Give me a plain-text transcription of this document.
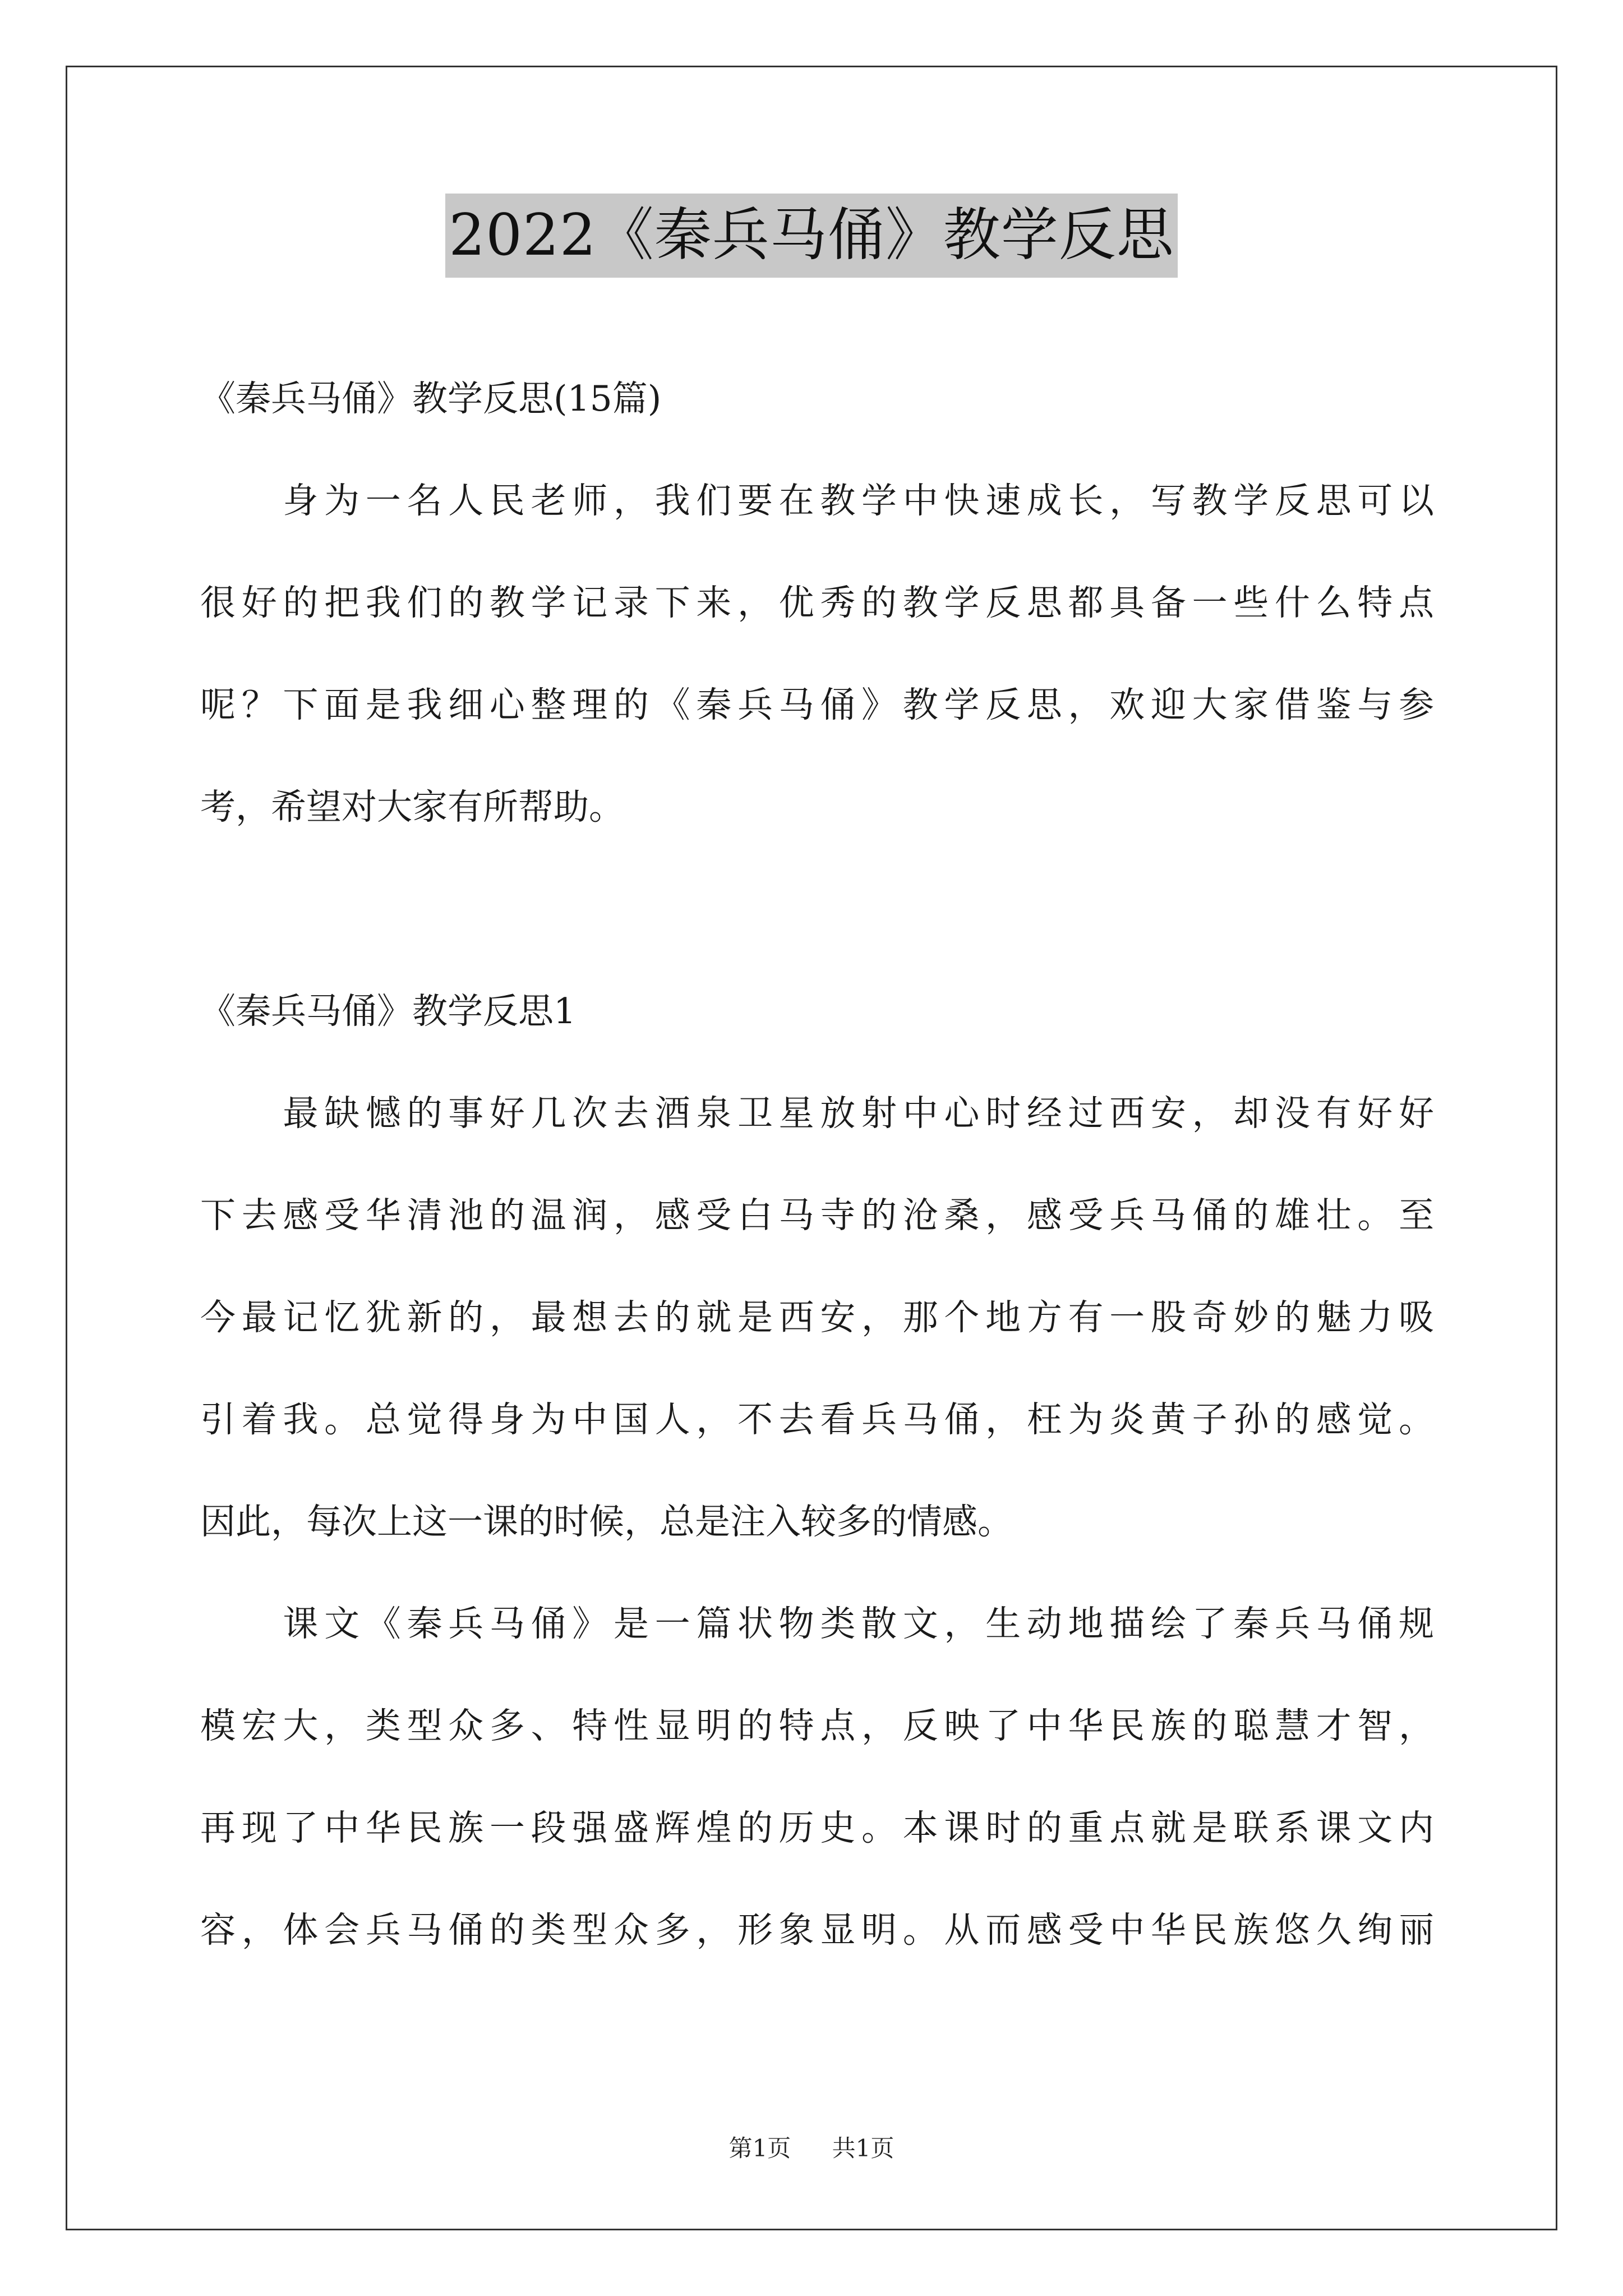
2022《秦兵马俑》教学反思

《秦兵马俑》教学反思(15篇)

　　身为一名人民老师，我们要在教学中快速成长，写教学反思可以
很好的把我们的教学记录下来，优秀的教学反思都具备一些什么特点
呢？下面是我细心整理的《秦兵马俑》教学反思，欢迎大家借鉴与参
考，希望对大家有所帮助。

《秦兵马俑》教学反思1

　　最缺憾的事好几次去酒泉卫星放射中心时经过西安，却没有好好
下去感受华清池的温润，感受白马寺的沧桑，感受兵马俑的雄壮。至
今最记忆犹新的，最想去的就是西安，那个地方有一股奇妙的魅力吸
引着我。总觉得身为中国人，不去看兵马俑，枉为炎黄子孙的感觉。
因此，每次上这一课的时候，总是注入较多的情感。
　　课文《秦兵马俑》是一篇状物类散文，生动地描绘了秦兵马俑规
模宏大，类型众多、特性显明的特点，反映了中华民族的聪慧才智，
再现了中华民族一段强盛辉煌的历史。本课时的重点就是联系课文内
容，体会兵马俑的类型众多，形象显明。从而感受中华民族悠久绚丽
第1页 共1页
